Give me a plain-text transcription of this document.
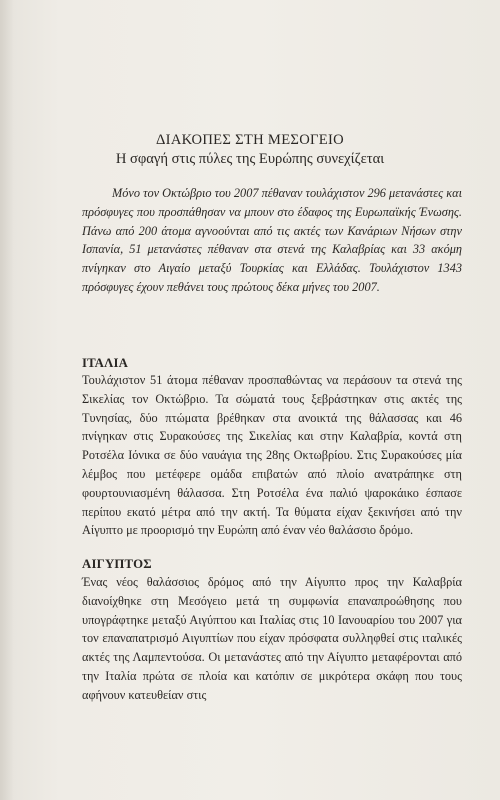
ΔΙΑΚΟΠΕΣ ΣΤΗ ΜΕΣΟΓΕΙΟ
Η σφαγή στις πύλες της Ευρώπης συνεχίζεται

Μόνο τον Οκτώβριο του 2007 πέθαναν τουλάχιστον 296 μετανάστες και πρόσφυγες που προσπάθησαν να μπουν στο έδαφος της Ευρωπαϊκής Ένωσης. Πάνω από 200 άτομα αγνοούνται από τις ακτές των Κανάριων Νήσων στην Ισπανία, 51 μετανάστες πέθαναν στα στενά της Καλαβρίας και 33 ακόμη πνίγηκαν στο Αιγαίο μεταξύ Τουρκίας και Ελλάδας. Τουλάχιστον 1343 πρόσφυγες έχουν πεθάνει τους πρώτους δέκα μήνες του 2007.

ΙΤΑΛΙΑ

Τουλάχιστον 51 άτομα πέθαναν προσπαθώντας να περάσουν τα στενά της Σικελίας τον Οκτώβριο. Τα σώματά τους ξεβράστηκαν στις ακτές της Τυνησίας, δύο πτώματα βρέθηκαν στα ανοικτά της θάλασσας και 46 πνίγηκαν στις Συρακούσες της Σικελίας και στην Καλαβρία, κοντά στη Ροτσέλα Ιόνικα σε δύο ναυάγια της 28ης Οκτωβρίου. Στις Συρακούσες μία λέμβος που μετέφερε ομάδα επιβατών από πλοίο ανατράπηκε στη φουρτουνιασμένη θάλασσα. Στη Ροτσέλα ένα παλιό ψαροκάικο έσπασε περίπου εκατό μέτρα από την ακτή. Τα θύματα είχαν ξεκινήσει από την Αίγυπτο με προορισμό την Ευρώπη από έναν νέο θαλάσσιο δρόμο.

ΑΙΓΥΠΤΟΣ

Ένας νέος θαλάσσιος δρόμος από την Αίγυπτο προς την Καλαβρία διανοίχθηκε στη Μεσόγειο μετά τη συμφωνία επαναπροώθησης που υπογράφτηκε μεταξύ Αιγύπτου και Ιταλίας στις 10 Ιανουαρίου του 2007 για τον επαναπατρισμό Αιγυπτίων που είχαν πρόσφατα συλληφθεί στις ιταλικές ακτές της Λαμπεντούσα. Οι μετανάστες από την Αίγυπτο μεταφέρονται από την Ιταλία πρώτα σε πλοία και κατόπιν σε μικρότερα σκάφη που τους αφήνουν κατευθείαν στις
